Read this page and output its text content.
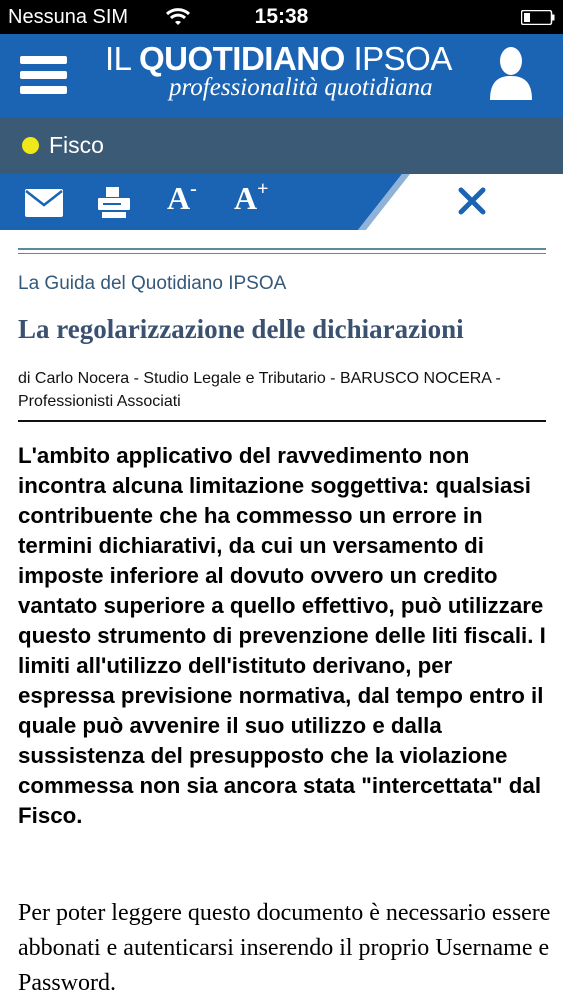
Nessuna SIM	15:38
IL QUOTIDIANO IPSOA
professionalità quotidiana
Fisco
A- A+
La Guida del Quotidiano IPSOA
La regolarizzazione delle dichiarazioni
di Carlo Nocera - Studio Legale e Tributario - BARUSCO NOCERA - Professionisti Associati

L'ambito applicativo del ravvedimento non incontra alcuna limitazione soggettiva: qualsiasi contribuente che ha commesso un errore in termini dichiarativi, da cui un versamento di imposte inferiore al dovuto ovvero un credito vantato superiore a quello effettivo, può utilizzare questo strumento di prevenzione delle liti fiscali. I limiti all'utilizzo dell'istituto derivano, per espressa previsione normativa, dal tempo entro il quale può avvenire il suo utilizzo e dalla sussistenza del presupposto che la violazione commessa non sia ancora stata "intercettata" dal Fisco.

Per poter leggere questo documento è necessario essere abbonati e autenticarsi inserendo il proprio Username e Password.
